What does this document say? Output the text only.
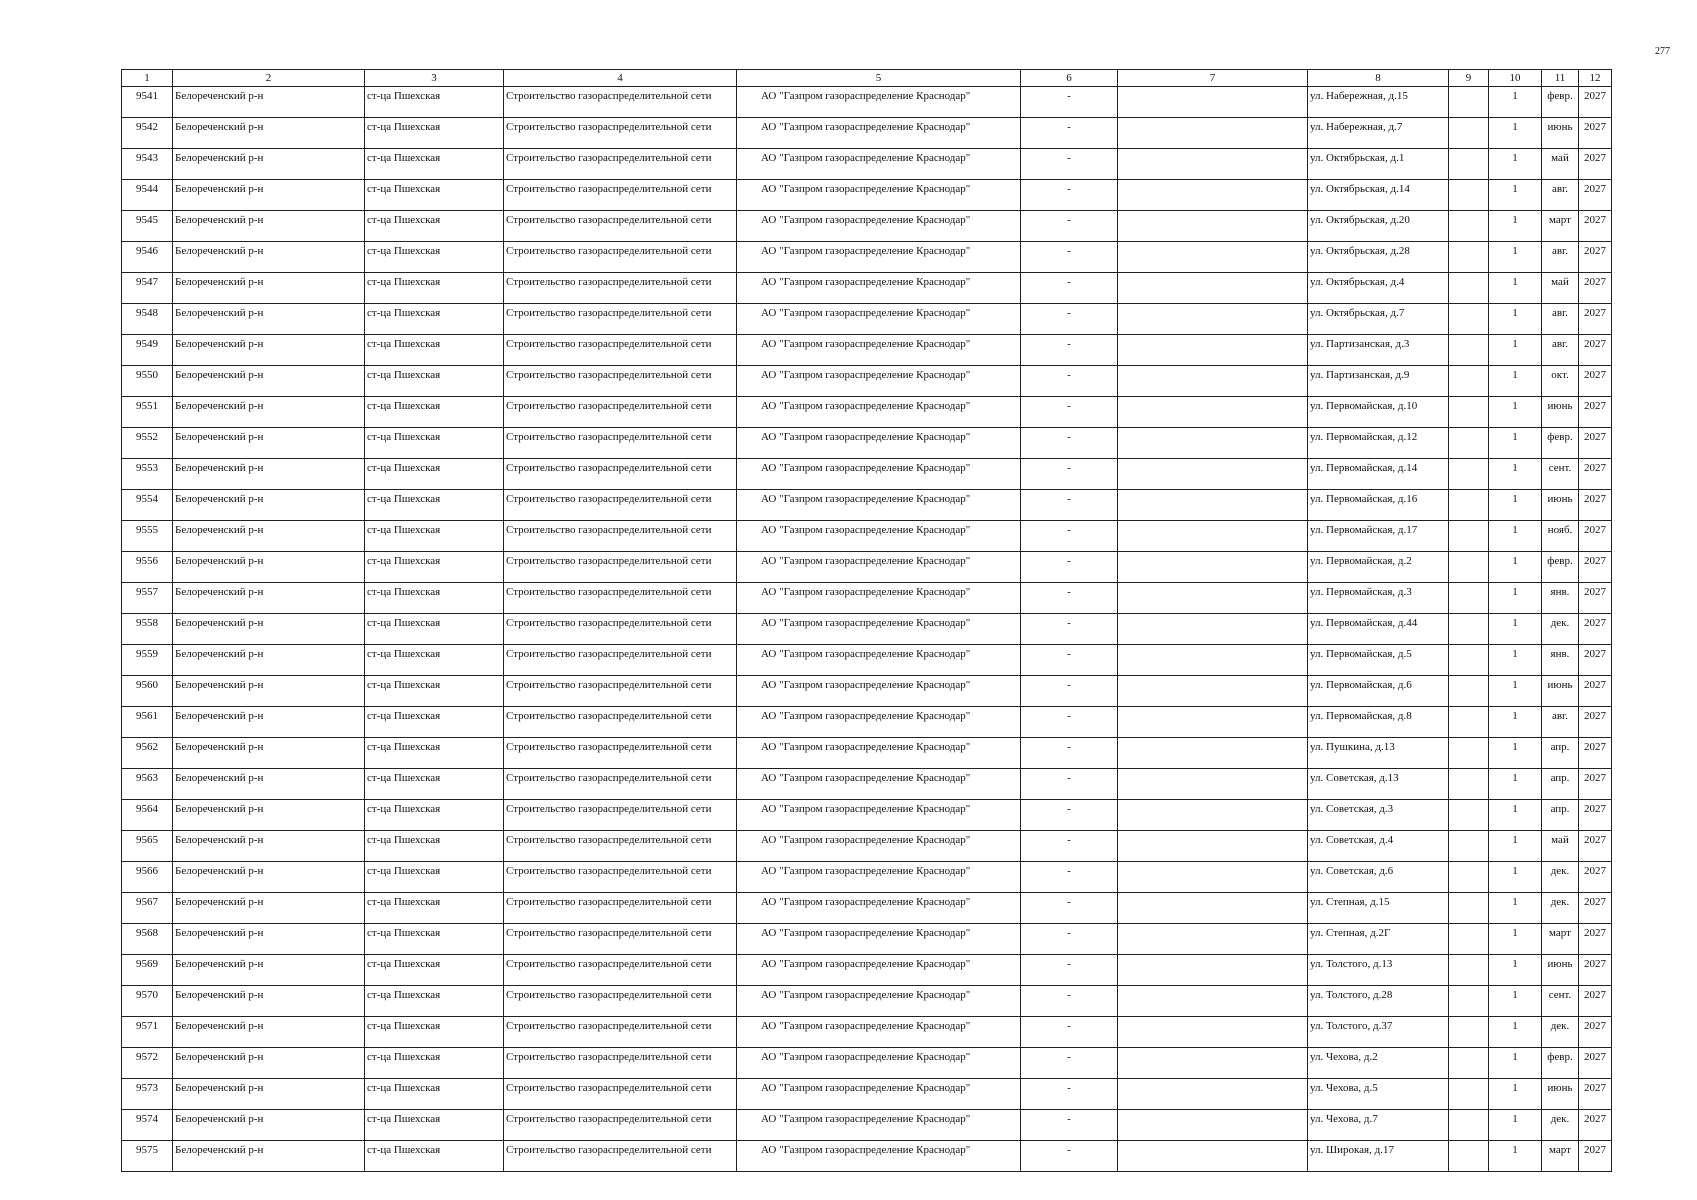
277
1	2	3	4	5	6	7	8	9	10	11	12
9541	Белореченский р-н	ст-ца Пшехская	Строительство газораспределительной сети	АО "Газпром газораспределение Краснодар"	-		ул. Набережная, д.15		1	февр.	2027
9542	Белореченский р-н	ст-ца Пшехская	Строительство газораспределительной сети	АО "Газпром газораспределение Краснодар"	-		ул. Набережная, д.7		1	июнь	2027
9543	Белореченский р-н	ст-ца Пшехская	Строительство газораспределительной сети	АО "Газпром газораспределение Краснодар"	-		ул. Октябрьская, д.1		1	май	2027
9544	Белореченский р-н	ст-ца Пшехская	Строительство газораспределительной сети	АО "Газпром газораспределение Краснодар"	-		ул. Октябрьская, д.14		1	авг.	2027
9545	Белореченский р-н	ст-ца Пшехская	Строительство газораспределительной сети	АО "Газпром газораспределение Краснодар"	-		ул. Октябрьская, д.20		1	март	2027
9546	Белореченский р-н	ст-ца Пшехская	Строительство газораспределительной сети	АО "Газпром газораспределение Краснодар"	-		ул. Октябрьская, д.28		1	авг.	2027
9547	Белореченский р-н	ст-ца Пшехская	Строительство газораспределительной сети	АО "Газпром газораспределение Краснодар"	-		ул. Октябрьская, д.4		1	май	2027
9548	Белореченский р-н	ст-ца Пшехская	Строительство газораспределительной сети	АО "Газпром газораспределение Краснодар"	-		ул. Октябрьская, д.7		1	авг.	2027
9549	Белореченский р-н	ст-ца Пшехская	Строительство газораспределительной сети	АО "Газпром газораспределение Краснодар"	-		ул. Партизанская, д.3		1	авг.	2027
9550	Белореченский р-н	ст-ца Пшехская	Строительство газораспределительной сети	АО "Газпром газораспределение Краснодар"	-		ул. Партизанская, д.9		1	окт.	2027
9551	Белореченский р-н	ст-ца Пшехская	Строительство газораспределительной сети	АО "Газпром газораспределение Краснодар"	-		ул. Первомайская, д.10		1	июнь	2027
9552	Белореченский р-н	ст-ца Пшехская	Строительство газораспределительной сети	АО "Газпром газораспределение Краснодар"	-		ул. Первомайская, д.12		1	февр.	2027
9553	Белореченский р-н	ст-ца Пшехская	Строительство газораспределительной сети	АО "Газпром газораспределение Краснодар"	-		ул. Первомайская, д.14		1	сент.	2027
9554	Белореченский р-н	ст-ца Пшехская	Строительство газораспределительной сети	АО "Газпром газораспределение Краснодар"	-		ул. Первомайская, д.16		1	июнь	2027
9555	Белореченский р-н	ст-ца Пшехская	Строительство газораспределительной сети	АО "Газпром газораспределение Краснодар"	-		ул. Первомайская, д.17		1	нояб.	2027
9556	Белореченский р-н	ст-ца Пшехская	Строительство газораспределительной сети	АО "Газпром газораспределение Краснодар"	-		ул. Первомайская, д.2		1	февр.	2027
9557	Белореченский р-н	ст-ца Пшехская	Строительство газораспределительной сети	АО "Газпром газораспределение Краснодар"	-		ул. Первомайская, д.3		1	янв.	2027
9558	Белореченский р-н	ст-ца Пшехская	Строительство газораспределительной сети	АО "Газпром газораспределение Краснодар"	-		ул. Первомайская, д.44		1	дек.	2027
9559	Белореченский р-н	ст-ца Пшехская	Строительство газораспределительной сети	АО "Газпром газораспределение Краснодар"	-		ул. Первомайская, д.5		1	янв.	2027
9560	Белореченский р-н	ст-ца Пшехская	Строительство газораспределительной сети	АО "Газпром газораспределение Краснодар"	-		ул. Первомайская, д.6		1	июнь	2027
9561	Белореченский р-н	ст-ца Пшехская	Строительство газораспределительной сети	АО "Газпром газораспределение Краснодар"	-		ул. Первомайская, д.8		1	авг.	2027
9562	Белореченский р-н	ст-ца Пшехская	Строительство газораспределительной сети	АО "Газпром газораспределение Краснодар"	-		ул. Пушкина, д.13		1	апр.	2027
9563	Белореченский р-н	ст-ца Пшехская	Строительство газораспределительной сети	АО "Газпром газораспределение Краснодар"	-		ул. Советская, д.13		1	апр.	2027
9564	Белореченский р-н	ст-ца Пшехская	Строительство газораспределительной сети	АО "Газпром газораспределение Краснодар"	-		ул. Советская, д.3		1	апр.	2027
9565	Белореченский р-н	ст-ца Пшехская	Строительство газораспределительной сети	АО "Газпром газораспределение Краснодар"	-		ул. Советская, д.4		1	май	2027
9566	Белореченский р-н	ст-ца Пшехская	Строительство газораспределительной сети	АО "Газпром газораспределение Краснодар"	-		ул. Советская, д.6		1	дек.	2027
9567	Белореченский р-н	ст-ца Пшехская	Строительство газораспределительной сети	АО "Газпром газораспределение Краснодар"	-		ул. Степная, д.15		1	дек.	2027
9568	Белореченский р-н	ст-ца Пшехская	Строительство газораспределительной сети	АО "Газпром газораспределение Краснодар"	-		ул. Степная, д.2Г		1	март	2027
9569	Белореченский р-н	ст-ца Пшехская	Строительство газораспределительной сети	АО "Газпром газораспределение Краснодар"	-		ул. Толстого, д.13		1	июнь	2027
9570	Белореченский р-н	ст-ца Пшехская	Строительство газораспределительной сети	АО "Газпром газораспределение Краснодар"	-		ул. Толстого, д.28		1	сент.	2027
9571	Белореченский р-н	ст-ца Пшехская	Строительство газораспределительной сети	АО "Газпром газораспределение Краснодар"	-		ул. Толстого, д.37		1	дек.	2027
9572	Белореченский р-н	ст-ца Пшехская	Строительство газораспределительной сети	АО "Газпром газораспределение Краснодар"	-		ул. Чехова, д.2		1	февр.	2027
9573	Белореченский р-н	ст-ца Пшехская	Строительство газораспределительной сети	АО "Газпром газораспределение Краснодар"	-		ул. Чехова, д.5		1	июнь	2027
9574	Белореченский р-н	ст-ца Пшехская	Строительство газораспределительной сети	АО "Газпром газораспределение Краснодар"	-		ул. Чехова, д.7		1	дек.	2027
9575	Белореченский р-н	ст-ца Пшехская	Строительство газораспределительной сети	АО "Газпром газораспределение Краснодар"	-		ул. Широкая, д.17		1	март	2027
